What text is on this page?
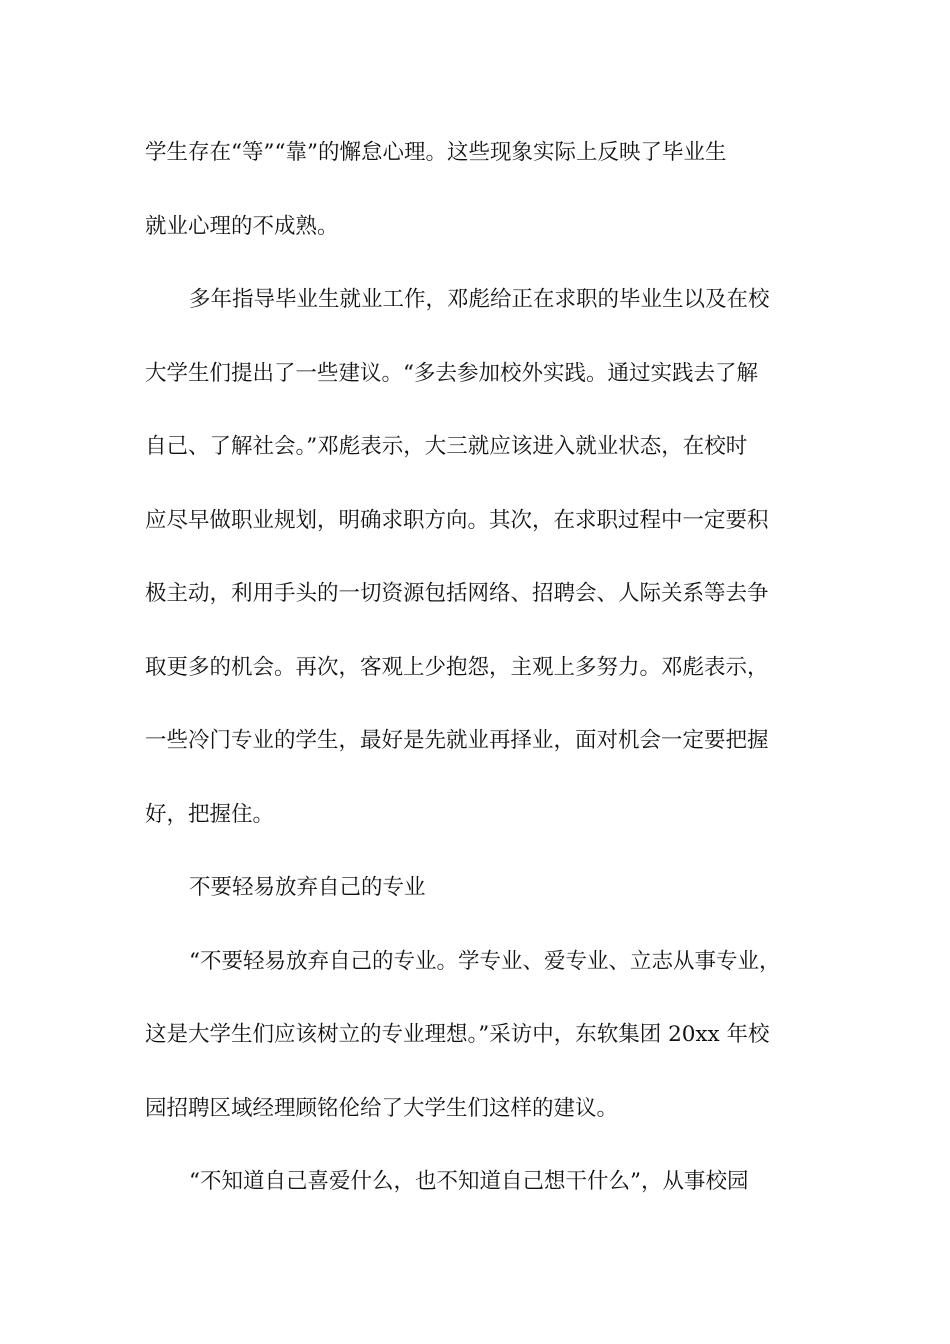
学生存在“等”“靠”的懈怠心理。这些现象实际上反映了毕业生
就业心理的不成熟。
多年指导毕业生就业工作，邓彪给正在求职的毕业生以及在校
大学生们提出了一些建议。“多去参加校外实践。通过实践去了解
自己、了解社会。”邓彪表示，大三就应该进入就业状态，在校时
应尽早做职业规划，明确求职方向。其次，在求职过程中一定要积
极主动，利用手头的一切资源包括网络、招聘会、人际关系等去争
取更多的机会。再次，客观上少抱怨，主观上多努力。邓彪表示，
一些冷门专业的学生，最好是先就业再择业，面对机会一定要把握
好，把握住。
不要轻易放弃自己的专业
“不要轻易放弃自己的专业。学专业、爱专业、立志从事专业，
这是大学生们应该树立的专业理想。”采访中，东软集团 20xx 年校
园招聘区域经理顾铭伦给了大学生们这样的建议。
“不知道自己喜爱什么，也不知道自己想干什么”，从事校园
